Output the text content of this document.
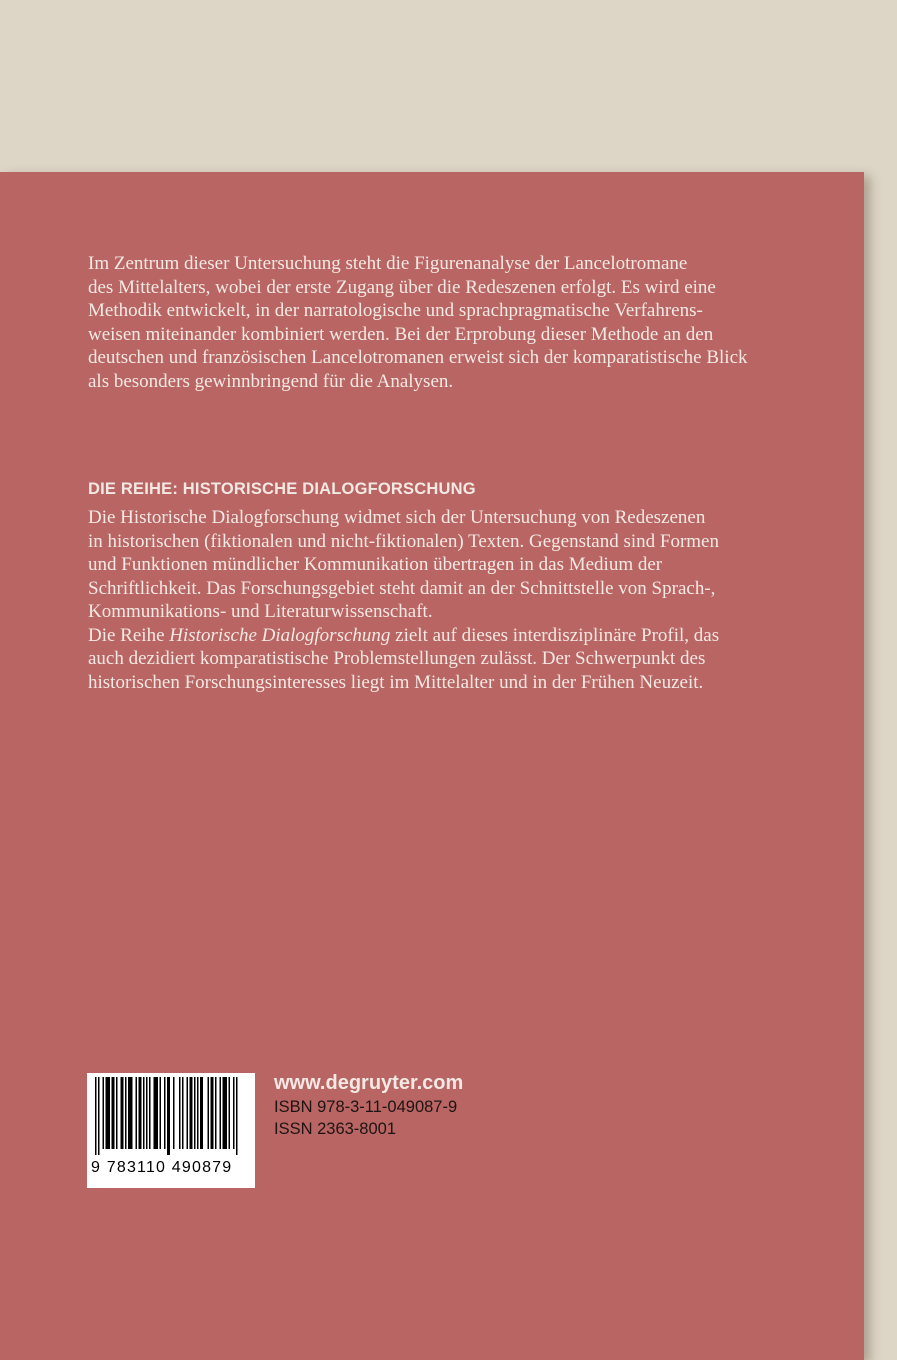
Im Zentrum dieser Untersuchung steht die Figurenanalyse der Lancelotromane
des Mittelalters, wobei der erste Zugang über die Redeszenen erfolgt. Es wird eine
Methodik entwickelt, in der narratologische und sprachpragmatische Verfahrens-
weisen miteinander kombiniert werden. Bei der Erprobung dieser Methode an den
deutschen und französischen Lancelotromanen erweist sich der komparatistische Blick
als besonders gewinnbringend für die Analysen.
DIE REIHE: HISTORISCHE DIALOGFORSCHUNG
Die Historische Dialogforschung widmet sich der Untersuchung von Redeszenen
in historischen (fiktionalen und nicht-fiktionalen) Texten. Gegenstand sind Formen
und Funktionen mündlicher Kommunikation übertragen in das Medium der
Schriftlichkeit. Das Forschungsgebiet steht damit an der Schnittstelle von Sprach-,
Kommunikations- und Literaturwissenschaft.
Die Reihe Historische Dialogforschung zielt auf dieses interdisziplinäre Profil, das
auch dezidiert komparatistische Problemstellungen zulässt. Der Schwerpunkt des
historischen Forschungsinteresses liegt im Mittelalter und in der Frühen Neuzeit.
9 783110 490879
www.degruyter.com
ISBN 978-3-11-049087-9
ISSN 2363-8001
